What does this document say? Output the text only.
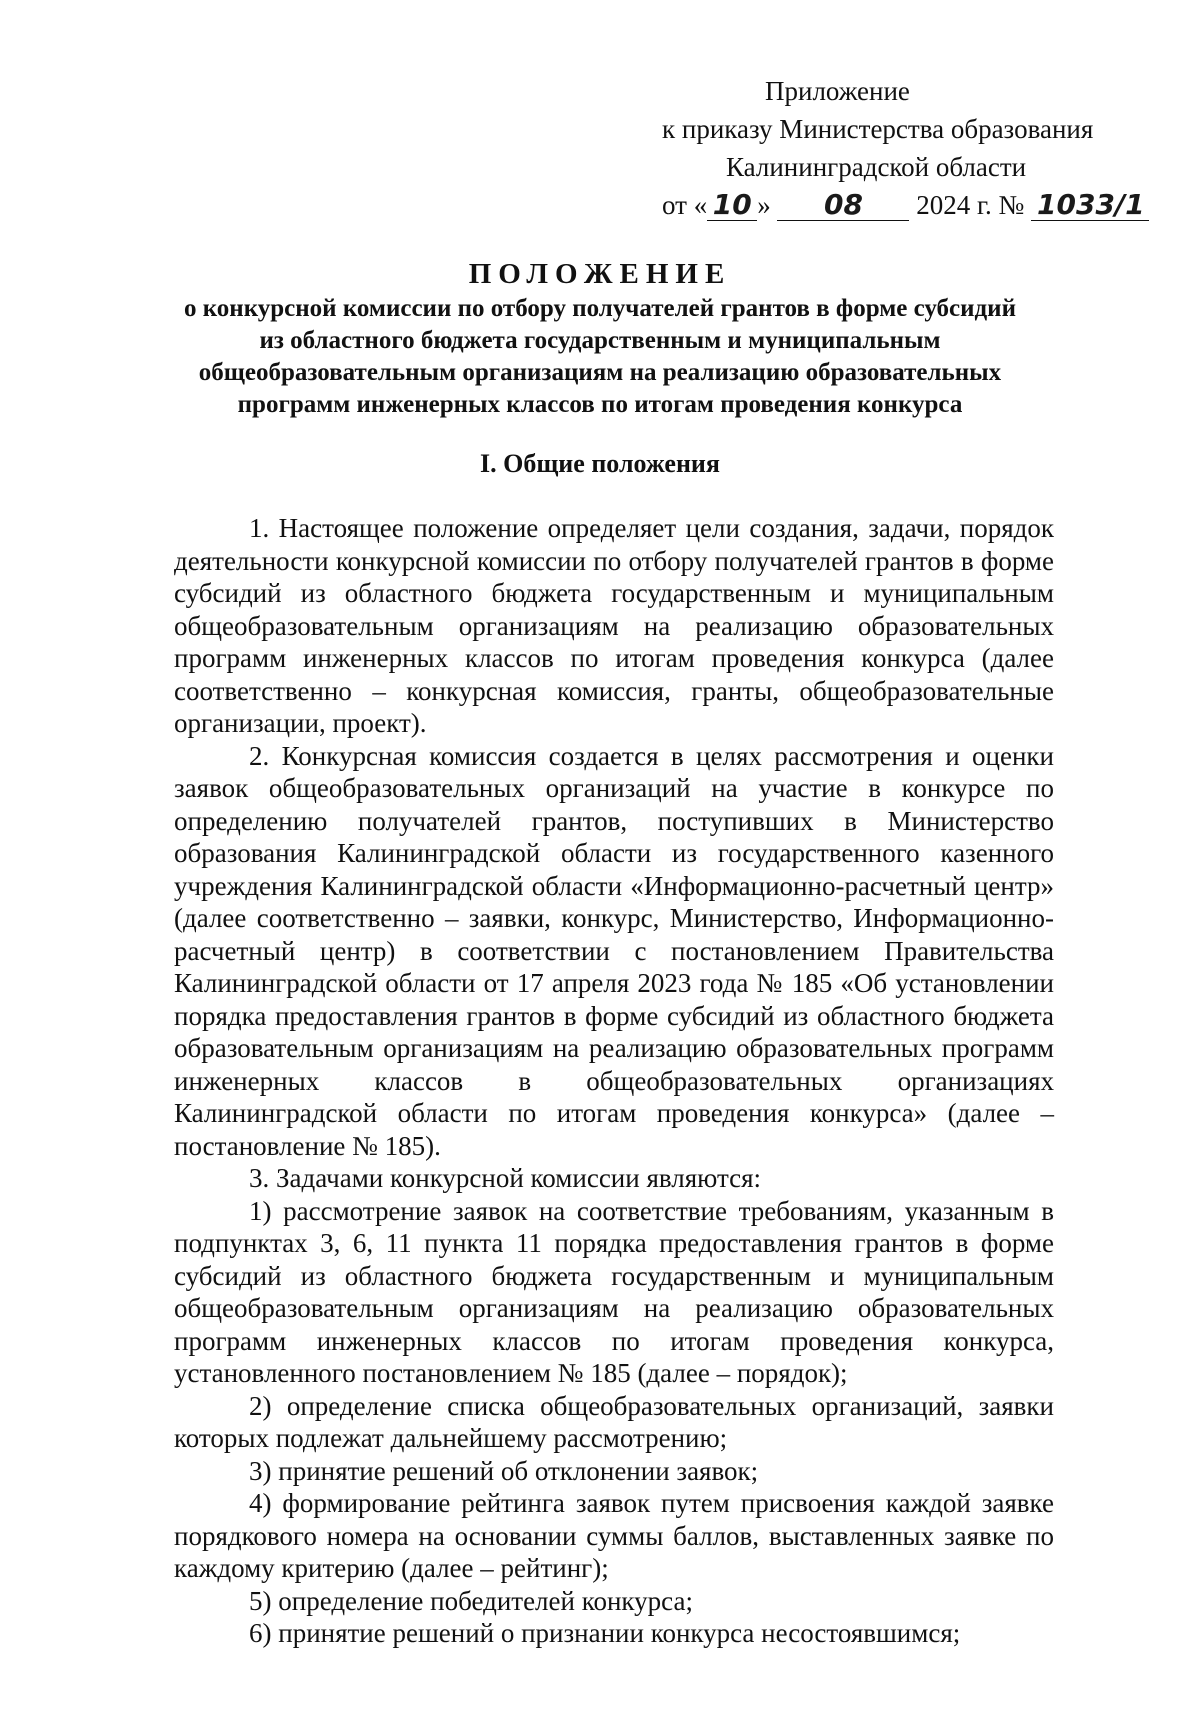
Приложение
к приказу Министерства образования
Калининградской области
от « 10 » 08 2024 г. № 1033/1
ПОЛОЖЕНИЕ
о конкурсной комиссии по отбору получателей грантов в форме субсидий
из областного бюджета государственным и муниципальным
общеобразовательным организациям на реализацию образовательных
программ инженерных классов по итогам проведения конкурса
I. Общие положения

1. Настоящее положение определяет цели создания, задачи, порядок деятельности конкурсной комиссии по отбору получателей грантов в форме субсидий из областного бюджета государственным и муниципальным общеобразовательным организациям на реализацию образовательных программ инженерных классов по итогам проведения конкурса (далее соответственно – конкурсная комиссия, гранты, общеобразовательные организации, проект).

2. Конкурсная комиссия создается в целях рассмотрения и оценки заявок общеобразовательных организаций на участие в конкурсе по определению получателей грантов, поступивших в Министерство образования Калининградской области из государственного казенного учреждения Калининградской области «Информационно-расчетный центр» (далее соответственно – заявки, конкурс, Министерство, Информационно-расчетный центр) в соответствии с постановлением Правительства Калининградской области от 17 апреля 2023 года № 185 «Об установлении порядка предоставления грантов в форме субсидий из областного бюджета образовательным организациям на реализацию образовательных программ инженерных классов в общеобразовательных организациях Калининградской области по итогам проведения конкурса» (далее – постановление № 185).

3. Задачами конкурсной комиссии являются:

1) рассмотрение заявок на соответствие требованиям, указанным в подпунктах 3, 6, 11 пункта 11 порядка предоставления грантов в форме субсидий из областного бюджета государственным и муниципальным общеобразовательным организациям на реализацию образовательных программ инженерных классов по итогам проведения конкурса, установленного постановлением № 185 (далее – порядок);

2) определение списка общеобразовательных организаций, заявки которых подлежат дальнейшему рассмотрению;

3) принятие решений об отклонении заявок;

4) формирование рейтинга заявок путем присвоения каждой заявке порядкового номера на основании суммы баллов, выставленных заявке по каждому критерию (далее – рейтинг);

5) определение победителей конкурса;

6) принятие решений о признании конкурса несостоявшимся;
